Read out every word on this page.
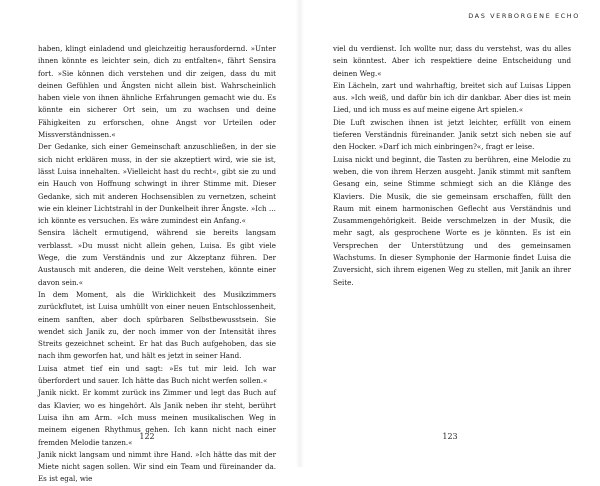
DAS VERBORGENE ECHO

haben, klingt einladend und gleichzeitig herausfordernd. »Unter ihnen könnte es leichter sein, dich zu entfalten«, fährt Sensira fort. »Sie können dich verstehen und dir zeigen, dass du mit deinen Gefühlen und Ängsten nicht allein bist. Wahrscheinlich haben viele von ihnen ähnliche Erfahrungen gemacht wie du. Es könnte ein sicherer Ort sein, um zu wachsen und deine Fähigkeiten zu erforschen, ohne Angst vor Urteilen oder Missverständnissen.«

Der Gedanke, sich einer Gemeinschaft anzuschließen, in der sie sich nicht erklären muss, in der sie akzeptiert wird, wie sie ist, lässt Luisa innehalten. »Vielleicht hast du recht«, gibt sie zu und ein Hauch von Hoffnung schwingt in ihrer Stimme mit. Dieser Gedanke, sich mit anderen Hochsensiblen zu vernetzen, scheint wie ein kleiner Lichtstrahl in der Dunkelheit ihrer Ängste. »Ich … ich könnte es versuchen. Es wäre zumindest ein Anfang.«

Sensira lächelt ermutigend, während sie bereits langsam verblasst. »Du musst nicht allein gehen, Luisa. Es gibt viele Wege, die zum Verständnis und zur Akzeptanz führen. Der Austausch mit anderen, die deine Welt verstehen, könnte einer davon sein.«

In dem Moment, als die Wirklichkeit des Musikzimmers zurückflutet, ist Luisa umhüllt von einer neuen Entschlossenheit, einem sanften, aber doch spürbaren Selbstbewusstsein. Sie wendet sich Janik zu, der noch immer von der Intensität ihres Streits gezeichnet scheint. Er hat das Buch aufgehoben, das sie nach ihm geworfen hat, und hält es jetzt in seiner Hand.

Luisa atmet tief ein und sagt: »Es tut mir leid. Ich war überfordert und sauer. Ich hätte das Buch nicht werfen sollen.«

Janik nickt. Er kommt zurück ins Zimmer und legt das Buch auf das Klavier, wo es hingehört. Als Janik neben ihr steht, berührt Luisa ihn am Arm. »Ich muss meinen musikalischen Weg in meinem eigenen Rhythmus gehen. Ich kann nicht nach einer fremden Melodie tanzen.«

Janik nickt langsam und nimmt ihre Hand. »Ich hätte das mit der Miete nicht sagen sollen. Wir sind ein Team und füreinander da. Es ist egal, wie

viel du verdienst. Ich wollte nur, dass du verstehst, was du alles sein könntest. Aber ich respektiere deine Entscheidung und deinen Weg.«

Ein Lächeln, zart und wahrhaftig, breitet sich auf Luisas Lippen aus. »Ich weiß, und dafür bin ich dir dankbar. Aber dies ist mein Lied, und ich muss es auf meine eigene Art spielen.«

Die Luft zwischen ihnen ist jetzt leichter, erfüllt von einem tieferen Verständnis füreinander. Janik setzt sich neben sie auf den Hocker. »Darf ich mich einbringen?«, fragt er leise.

Luisa nickt und beginnt, die Tasten zu berühren, eine Melodie zu weben, die von ihrem Herzen ausgeht. Janik stimmt mit sanftem Gesang ein, seine Stimme schmiegt sich an die Klänge des Klaviers. Die Musik, die sie gemeinsam erschaffen, füllt den Raum mit einem harmonischen Geflecht aus Verständnis und Zusammengehörigkeit. Beide verschmelzen in der Musik, die mehr sagt, als gesprochene Worte es je könnten. Es ist ein Versprechen der Unterstützung und des gemeinsamen Wachstums. In dieser Symphonie der Harmonie findet Luisa die Zuversicht, sich ihrem eigenen Weg zu stellen, mit Janik an ihrer Seite.

122	123
